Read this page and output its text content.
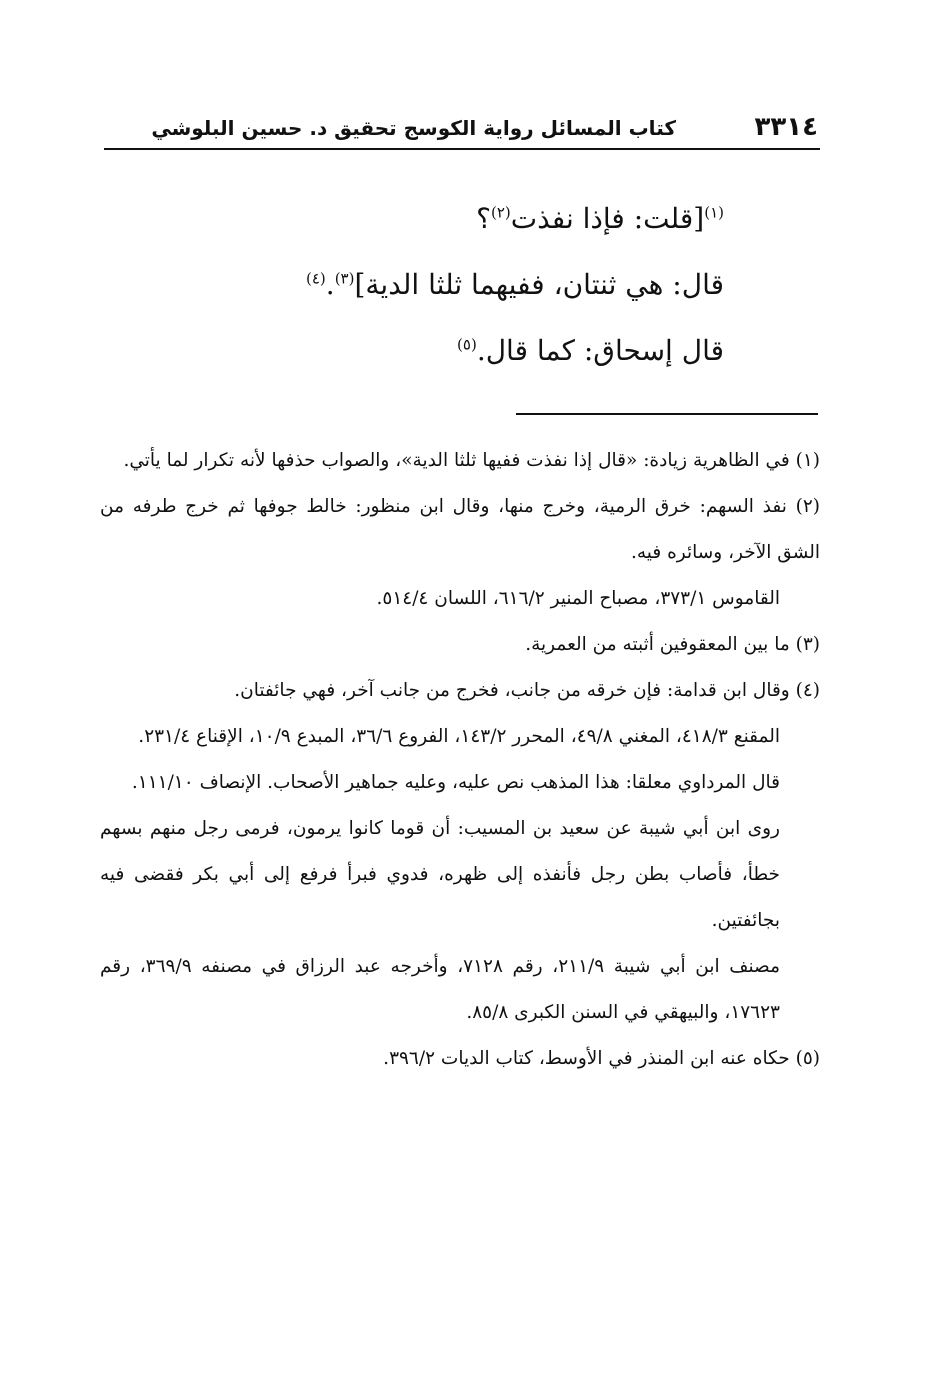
٣٣١٤
كتاب المسائل رواية الكوسج تحقيق د. حسين البلوشي
$^{(١)}$[قلت: فإذا نفذت$^{(٢)}$؟
قال: هي ثنتان، ففيهما ثلثا الدية]$^{(٣)}$.$^{(٤)}$
قال إسحاق: كما قال.$^{(٥)}$
(١) في الظاهرية زيادة: «قال إذا نفذت ففيها ثلثا الدية»، والصواب حذفها لأنه تكرار لما يأتي.
(٢) نفذ السهم: خرق الرمية، وخرج منها، وقال ابن منظور: خالط جوفها ثم خرج طرفه من الشق الآخر، وسائره فيه.
القاموس ٣٧٣/١، مصباح المنير ٦١٦/٢، اللسان ٥١٤/٤.
(٣) ما بين المعقوفين أثبته من العمرية.
(٤) وقال ابن قدامة: فإن خرقه من جانب، فخرج من جانب آخر، فهي جائفتان.
المقنع ٤١٨/٣، المغني ٤٩/٨، المحرر ١٤٣/٢، الفروع ٣٦/٦، المبدع ١٠/٩، الإقناع ٢٣١/٤.
قال المرداوي معلقا: هذا المذهب نص عليه، وعليه جماهير الأصحاب. الإنصاف ١١١/١٠.
روى ابن أبي شيبة عن سعيد بن المسيب: أن قوما كانوا يرمون، فرمى رجل منهم بسهم خطأ، فأصاب بطن رجل فأنفذه إلى ظهره، فدوي فبرأ فرفع إلى أبي بكر فقضى فيه بجائفتين.
مصنف ابن أبي شيبة ٢١١/٩، رقم ٧١٢٨، وأخرجه عبد الرزاق في مصنفه ٣٦٩/٩، رقم ١٧٦٢٣، والبيهقي في السنن الكبرى ٨٥/٨.
(٥) حكاه عنه ابن المنذر في الأوسط، كتاب الديات ٣٩٦/٢.
